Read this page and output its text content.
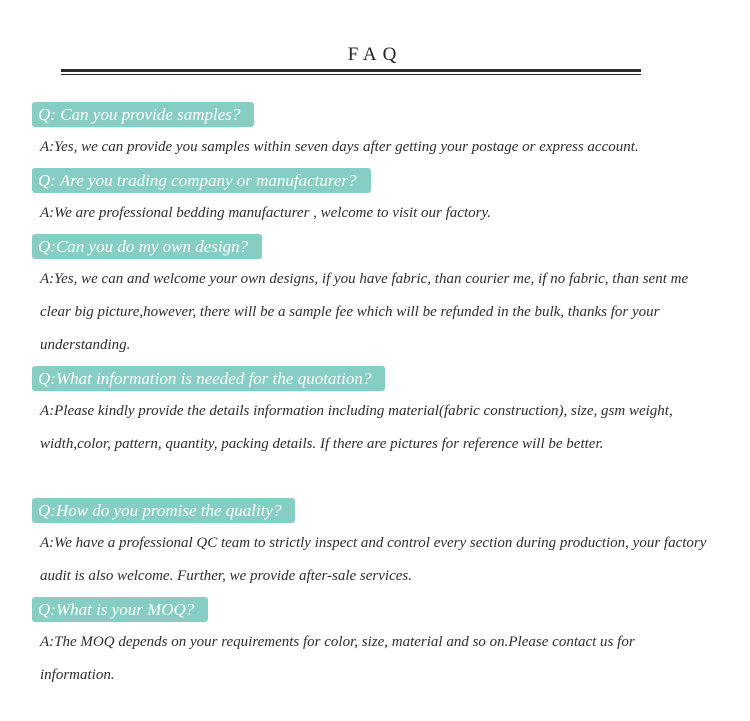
FAQ
Q: Can you provide samples?
A:Yes, we can provide you samples within seven days after getting your postage or express account.
Q: Are you trading company or manufacturer?
A:We are professional bedding manufacturer , welcome to visit our factory.
Q:Can you do my own design?
A:Yes, we can and welcome your own designs, if you have fabric, than courier me, if no fabric, than sent me clear big picture,however, there will be a sample fee which will be refunded in the bulk, thanks for your understanding.
Q:What information is needed for the quotation?
A:Please kindly provide the details information including material(fabric construction), size, gsm weight, width,color, pattern, quantity, packing details. If there are pictures for reference will be better.
Q:How do you promise the quality?
A:We have a professional QC team to strictly inspect and control every section during production, your factory audit is also welcome. Further, we provide after-sale services.
Q:What is your MOQ?
A:The MOQ depends on your requirements for color, size, material and so on.Please contact us for information.
